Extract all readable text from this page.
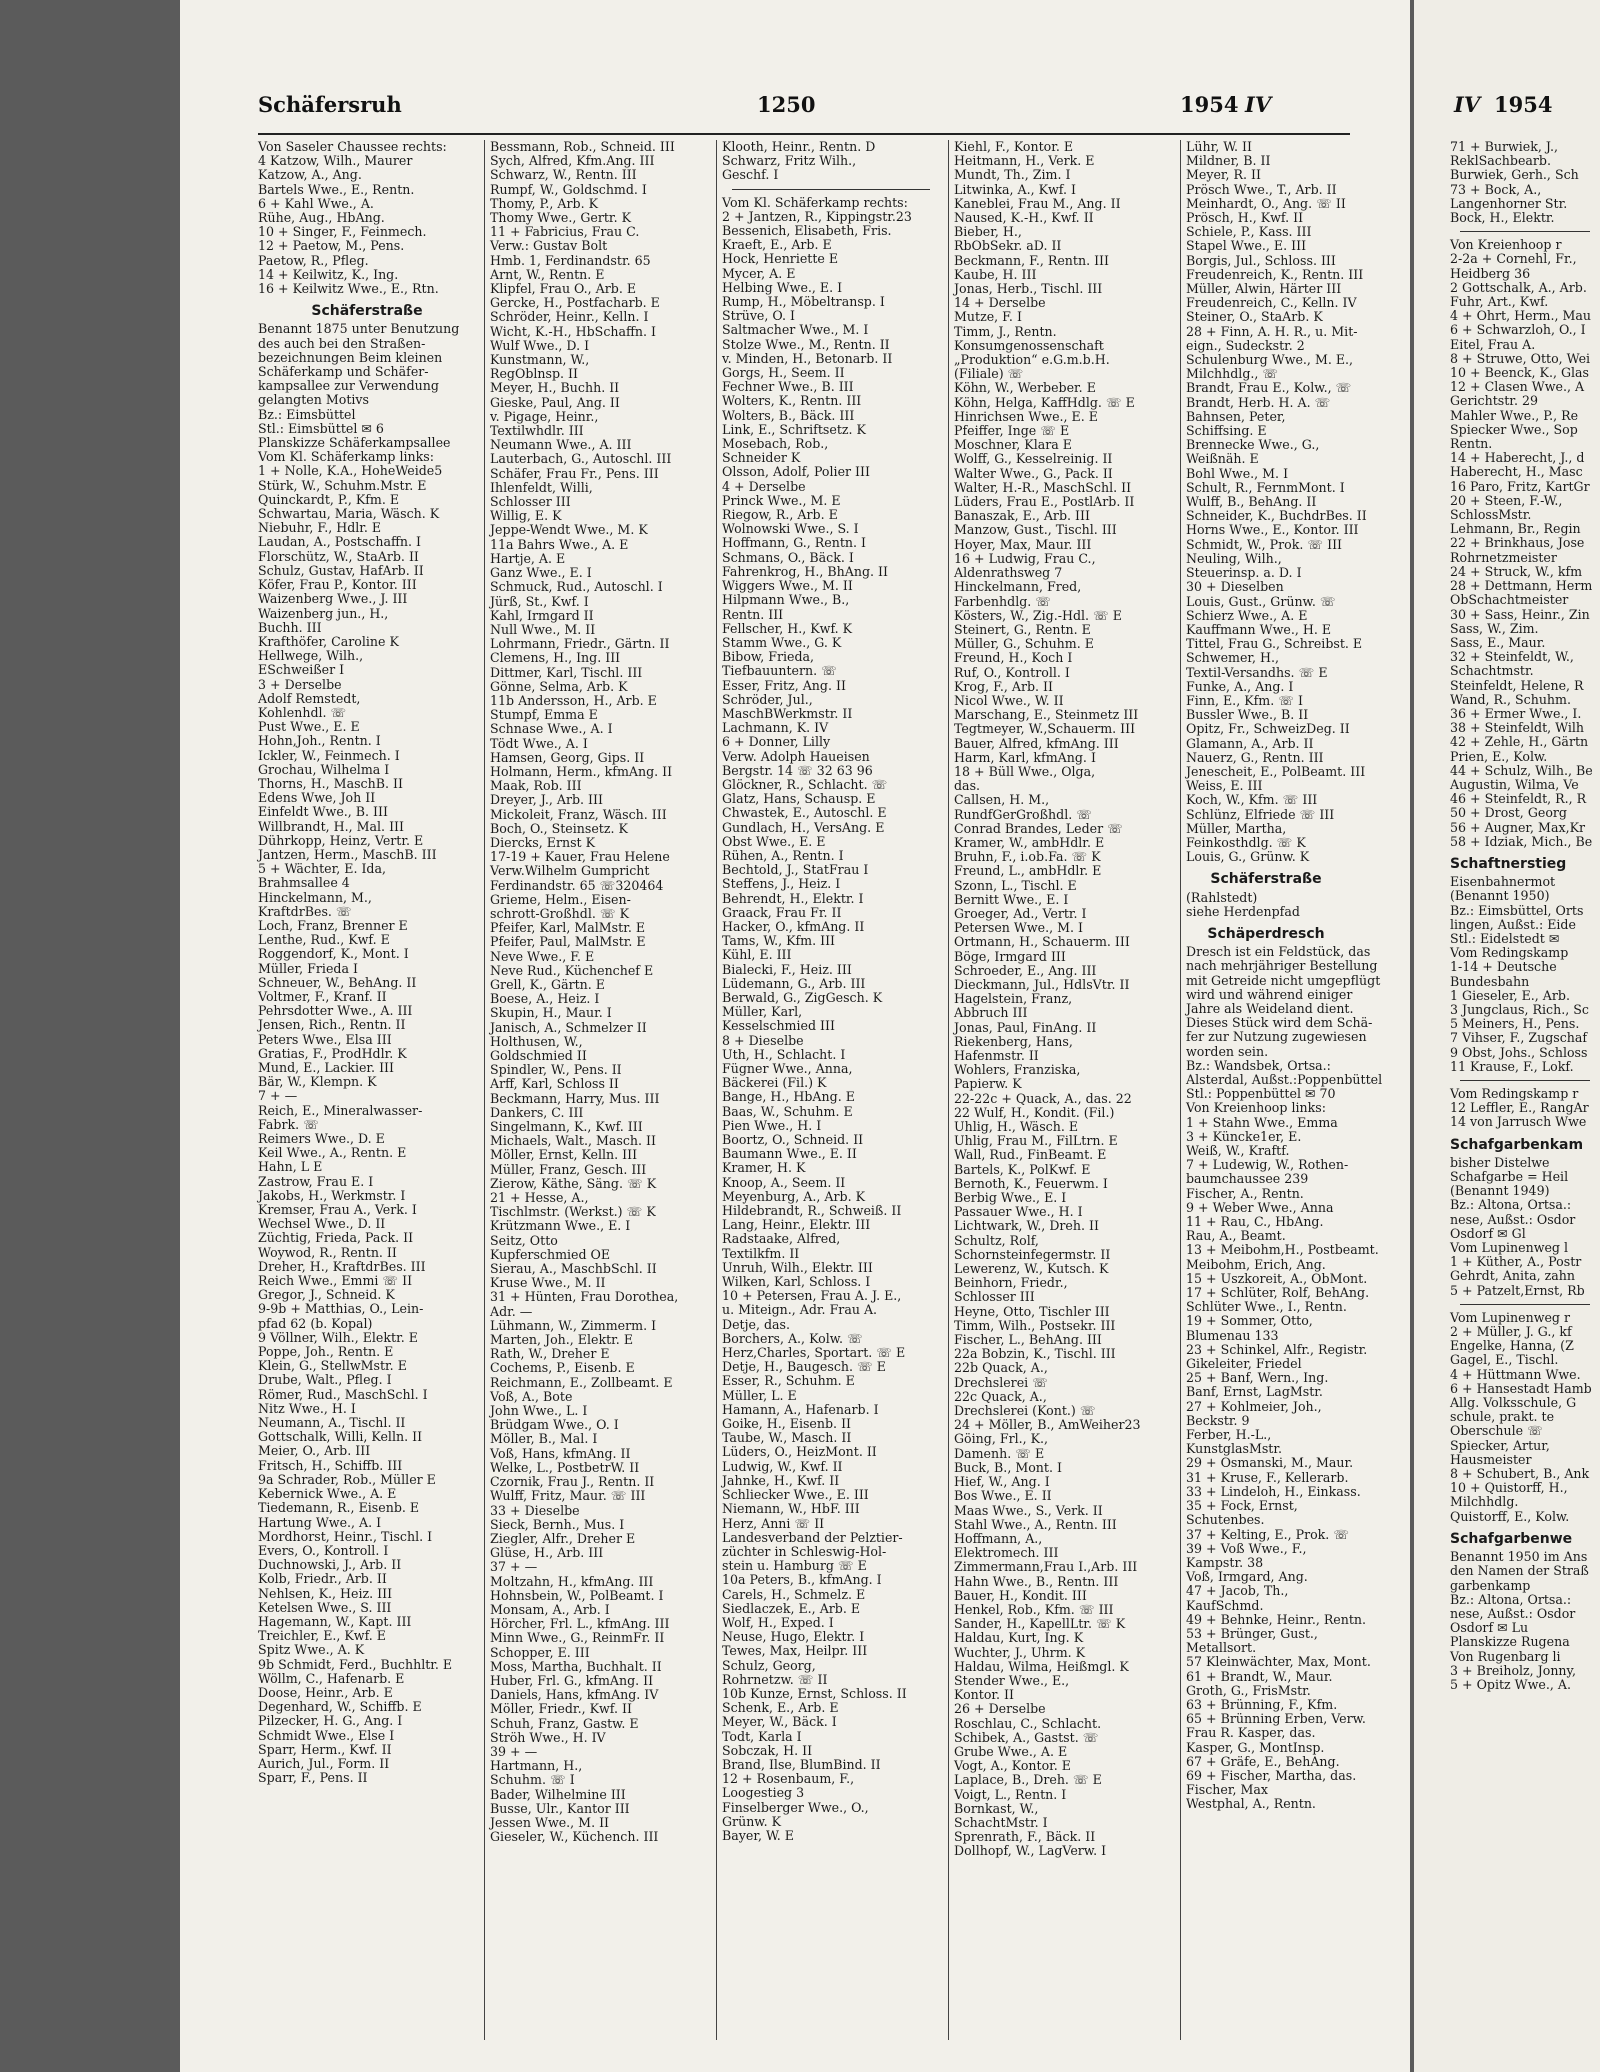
Schäfersruh	1250	1954 IV
Von Saseler Chaussee rechts:
4 Katzow, Wilh., Maurer
Katzow, A., Ang.
Bartels Wwe., E., Rentn.
6 + Kahl Wwe., A.
Rühe, Aug., HbAng.
10 + Singer, F., Feinmech.
12 + Paetow, M., Pens.
Paetow, R., Pfleg.
14 + Keilwitz, K., Ing.
16 + Keilwitz Wwe., E., Rtn.
Schäferstraße
Benannt 1875 unter Benutzung
des auch bei den Straßen-
bezeichnungen Beim kleinen
Schäferkamp und Schäfer-
kampsallee zur Verwendung
gelangten Motivs
Bz.: Eimsbüttel
Stl.: Eimsbüttel ✉ 6
Planskizze Schäferkampsallee
Vom Kl. Schäferkamp links:
1 + Nolle, K.A., HoheWeide5
Stürk, W., Schuhm.Mstr. E
Quinckardt, P., Kfm. E
Schwartau, Maria, Wäsch. K
Niebuhr, F., Hdlr. E
Laudan, A., Postschaffn. I
Florschütz, W., StaArb. II
Schulz, Gustav, HafArb. II
Köfer, Frau P., Kontor. III
Waizenberg Wwe., J. III
Waizenberg jun., H.,
Buchh. III
Krafthöfer, Caroline K
Hellwege, Wilh.,
ESchweißer I
3 + Derselbe
Adolf Remstedt,
Kohlenhdl. ☏
Pust Wwe., E. E
Hohn,Joh., Rentn. I
Ickler, W., Feinmech. I
Grochau, Wilhelma I
Thorns, H., MaschB. II
Edens Wwe, Joh II
Einfeldt Wwe., B. III
Willbrandt, H., Mal. III
Dührkopp, Heinz, Vertr. E
Jantzen, Herm., MaschB. III
5 + Wächter, E. Ida,
Brahmsallee 4
Hinckelmann, M.,
KraftdrBes. ☏
Loch, Franz, Brenner E
Lenthe, Rud., Kwf. E
Roggendorf, K., Mont. I
Müller, Frieda I
Schneuer, W., BehAng. II
Voltmer, F., Kranf. II
Pehrsdotter Wwe., A. III
Jensen, Rich., Rentn. II
Peters Wwe., Elsa III
Gratias, F., ProdHdlr. K
Mund, E., Lackier. III
Bär, W., Klempn. K
7 + —
Reich, E., Mineralwasser-
Fabrk. ☏
Reimers Wwe., D. E
Keil Wwe., A., Rentn. E
Hahn, L E
Zastrow, Frau E. I
Jakobs, H., Werkmstr. I
Kremser, Frau A., Verk. I
Wechsel Wwe., D. II
Züchtig, Frieda, Pack. II
Woywod, R., Rentn. II
Dreher, H., KraftdrBes. III
Reich Wwe., Emmi ☏ II
Gregor, J., Schneid. K
9-9b + Matthias, O., Lein-
pfad 62 (b. Kopal)
9 Völlner, Wilh., Elektr. E
Poppe, Joh., Rentn. E
Klein, G., StellwMstr. E
Drube, Walt., Pfleg. I
Römer, Rud., MaschSchl. I
Nitz Wwe., H. I
Neumann, A., Tischl. II
Gottschalk, Willi, Kelln. II
Meier, O., Arb. III
Fritsch, H., Schiffb. III
9a Schrader, Rob., Müller E
Kebernick Wwe., A. E
Tiedemann, R., Eisenb. E
Hartung Wwe., A. I
Mordhorst, Heinr., Tischl. I
Evers, O., Kontroll. I
Duchnowski, J., Arb. II
Kolb, Friedr., Arb. II
Nehlsen, K., Heiz. III
Ketelsen Wwe., S. III
Hagemann, W., Kapt. III
Treichler, E., Kwf. E
Spitz Wwe., A. K
9b Schmidt, Ferd., Buchhltr. E
Wöllm, C., Hafenarb. E
Doose, Heinr., Arb. E
Degenhard, W., Schiffb. E
Pilzecker, H. G., Ang. I
Schmidt Wwe., Else I
Sparr, Herm., Kwf. II
Aurich, Jul., Form. II
Sparr, F., Pens. II
Bessmann, Rob., Schneid. III
Sych, Alfred, Kfm.Ang. III
Schwarz, W., Rentn. III
Rumpf, W., Goldschmd. I
Thomy, P., Arb. K
Thomy Wwe., Gertr. K
11 + Fabricius, Frau C.
Verw.: Gustav Bolt
Hmb. 1, Ferdinandstr. 65
Arnt, W., Rentn. E
Klipfel, Frau O., Arb. E
Gercke, H., Postfacharb. E
Schröder, Heinr., Kelln. I
Wicht, K.-H., HbSchaffn. I
Wulf Wwe., D. I
Kunstmann, W.,
RegOblnsp. II
Meyer, H., Buchh. II
Gieske, Paul, Ang. II
v. Pigage, Heinr.,
Textilwhdlr. III
Neumann Wwe., A. III
Lauterbach, G., Autoschl. III
Schäfer, Frau Fr., Pens. III
Ihlenfeldt, Willi,
Schlosser III
Willig, E. K
Jeppe-Wendt Wwe., M. K
11a Bahrs Wwe., A. E
Hartje, A. E
Ganz Wwe., E. I
Schmuck, Rud., Autoschl. I
Jürß, St., Kwf. I
Kahl, Irmgard II
Null Wwe., M. II
Lohrmann, Friedr., Gärtn. II
Clemens, H., Ing. III
Dittmer, Karl, Tischl. III
Gönne, Selma, Arb. K
11b Andersson, H., Arb. E
Stumpf, Emma E
Schnase Wwe., A. I
Tödt Wwe., A. I
Hamsen, Georg, Gips. II
Holmann, Herm., kfmAng. II
Maak, Rob. III
Dreyer, J., Arb. III
Mickoleit, Franz, Wäsch. III
Boch, O., Steinsetz. K
Diercks, Ernst K
17-19 + Kauer, Frau Helene
Verw.Wilhelm Gumpricht
Ferdinandstr. 65 ☏320464
Grieme, Helm., Eisen-
schrott-Großhdl. ☏ K
Pfeifer, Karl, MalMstr. E
Pfeifer, Paul, MalMstr. E
Neve Wwe., F. E
Neve Rud., Küchenchef E
Grell, K., Gärtn. E
Boese, A., Heiz. I
Skupin, H., Maur. I
Janisch, A., Schmelzer II
Holthusen, W.,
Goldschmied II
Spindler, W., Pens. II
Arff, Karl, Schloss II
Beckmann, Harry, Mus. III
Dankers, C. III
Singelmann, K., Kwf. III
Michaels, Walt., Masch. II
Möller, Ernst, Kelln. III
Müller, Franz, Gesch. III
Zierow, Käthe, Säng. ☏ K
21 + Hesse, A.,
Tischlmstr. (Werkst.) ☏ K
Krützmann Wwe., E. I
Seitz, Otto
Kupferschmied OE
Sierau, A., MaschbSchl. II
Kruse Wwe., M. II
31 + Hünten, Frau Dorothea,
Adr. —
Lühmann, W., Zimmerm. I
Marten, Joh., Elektr. E
Rath, W., Dreher E
Cochems, P., Eisenb. E
Reichmann, E., Zollbeamt. E
Voß, A., Bote
John Wwe., L. I
Brüdgam Wwe., O. I
Möller, B., Mal. I
Voß, Hans, kfmAng. II
Welke, L., PostbetrW. II
Czornik, Frau J., Rentn. II
Wulff, Fritz, Maur. ☏ III
33 + Dieselbe
Sieck, Bernh., Mus. I
Ziegler, Alfr., Dreher E
Glüse, H., Arb. III
37 + —
Moltzahn, H., kfmAng. III
Hohnsbein, W., PolBeamt. I
Monsam, A., Arb. I
Hörcher, Frl. L., kfmAng. III
Minn Wwe., G., ReinmFr. II
Schopper, E. III
Moss, Martha, Buchhalt. II
Huber, Frl. G., kfmAng. II
Daniels, Hans, kfmAng. IV
Möller, Friedr., Kwf. II
Schuh, Franz, Gastw. E
Ströh Wwe., H. IV
39 + —
Hartmann, H.,
Schuhm. ☏ I
Bader, Wilhelmine III
Busse, Ulr., Kantor III
Jessen Wwe., M. II
Gieseler, W., Küchench. III
Klooth, Heinr., Rentn. D
Schwarz, Fritz Wilh.,
Geschf. I
Vom Kl. Schäferkamp rechts:
2 + Jantzen, R., Kippingstr.23
Bessenich, Elisabeth, Fris.
Kraeft, E., Arb. E
Hock, Henriette E
Mycer, A. E
Helbing Wwe., E. I
Rump, H., Möbeltransp. I
Strüve, O. I
Saltmacher Wwe., M. I
Stolze Wwe., M., Rentn. II
v. Minden, H., Betonarb. II
Gorgs, H., Seem. II
Fechner Wwe., B. III
Wolters, K., Rentn. III
Wolters, B., Bäck. III
Link, E., Schriftsetz. K
Mosebach, Rob.,
Schneider K
Olsson, Adolf, Polier III
4 + Derselbe
Princk Wwe., M. E
Riegow, R., Arb. E
Wolnowski Wwe., S. I
Hoffmann, G., Rentn. I
Schmans, O., Bäck. I
Fahrenkrog, H., BhAng. II
Wiggers Wwe., M. II
Hilpmann Wwe., B.,
Rentn. III
Fellscher, H., Kwf. K
Stamm Wwe., G. K
Bibow, Frieda,
Tiefbauuntern. ☏
Esser, Fritz, Ang. II
Schröder, Jul.,
MaschBWerkmstr. II
Lachmann, K. IV
6 + Donner, Lilly
Verw. Adolph Haueisen
Bergstr. 14 ☏ 32 63 96
Glöckner, R., Schlacht. ☏
Glatz, Hans, Schausp. E
Chwastek, E., Autoschl. E
Gundlach, H., VersAng. E
Obst Wwe., E. E
Rühen, A., Rentn. I
Bechtold, J., StatFrau I
Steffens, J., Heiz. I
Behrendt, H., Elektr. I
Graack, Frau Fr. II
Hacker, O., kfmAng. II
Tams, W., Kfm. III
Kühl, E. III
Bialecki, F., Heiz. III
Lüdemann, G., Arb. III
Berwald, G., ZigGesch. K
Müller, Karl,
Kesselschmied III
8 + Dieselbe
Uth, H., Schlacht. I
Fügner Wwe., Anna,
Bäckerei (Fil.) K
Bange, H., HbAng. E
Baas, W., Schuhm. E
Pien Wwe., H. I
Boortz, O., Schneid. II
Baumann Wwe., E. II
Kramer, H. K
Knoop, A., Seem. II
Meyenburg, A., Arb. K
Hildebrandt, R., Schweiß. II
Lang, Heinr., Elektr. III
Radstaake, Alfred,
Textilkfm. II
Unruh, Wilh., Elektr. III
Wilken, Karl, Schloss. I
10 + Petersen, Frau A. J. E.,
u. Miteign., Adr. Frau A.
Detje, das.
Borchers, A., Kolw. ☏
Herz,Charles, Sportart. ☏ E
Detje, H., Baugesch. ☏ E
Esser, R., Schuhm. E
Müller, L. E
Hamann, A., Hafenarb. I
Goike, H., Eisenb. II
Taube, W., Masch. II
Lüders, O., HeizMont. II
Ludwig, W., Kwf. II
Jahnke, H., Kwf. II
Schliecker Wwe., E. III
Niemann, W., HbF. III
Herz, Anni ☏ II
Landesverband der Pelztier-
züchter in Schleswig-Hol-
stein u. Hamburg ☏ E
10a Peters, B., kfmAng. I
Carels, H., Schmelz. E
Siedlaczek, E., Arb. E
Wolf, H., Exped. I
Neuse, Hugo, Elektr. I
Tewes, Max, Heilpr. III
Schulz, Georg,
Rohrnetzw. ☏ II
10b Kunze, Ernst, Schloss. II
Schenk, E., Arb. E
Meyer, W., Bäck. I
Todt, Karla I
Sobczak, H. II
Brand, Ilse, BlumBind. II
12 + Rosenbaum, F.,
Loogestieg 3
Finselberger Wwe., O.,
Grünw. K
Bayer, W. E
Kiehl, F., Kontor. E
Heitmann, H., Verk. E
Mundt, Th., Zim. I
Litwinka, A., Kwf. I
Kaneblei, Frau M., Ang. II
Naused, K.-H., Kwf. II
Bieber, H.,
RbObSekr. aD. II
Beckmann, F., Rentn. III
Kaube, H. III
Jonas, Herb., Tischl. III
14 + Derselbe
Mutze, F. I
Timm, J., Rentn.
Konsumgenossenschaft
„Produktion“ e.G.m.b.H.
(Filiale) ☏
Köhn, W., Werbeber. E
Köhn, Helga, KaffHdlg. ☏ E
Hinrichsen Wwe., E. E
Pfeiffer, Inge ☏ E
Moschner, Klara E
Wolff, G., Kesselreinig. II
Walter Wwe., G., Pack. II
Walter, H.-R., MaschSchl. II
Lüders, Frau E., PostlArb. II
Banaszak, E., Arb. III
Manzow, Gust., Tischl. III
Hoyer, Max, Maur. III
16 + Ludwig, Frau C.,
Aldenrathsweg 7
Hinckelmann, Fred,
Farbenhdlg. ☏
Kösters, W., Zig.-Hdl. ☏ E
Steinert, G., Rentn. E
Müller, G., Schuhm. E
Freund, H., Koch I
Ruf, O., Kontroll. I
Krog, F., Arb. II
Nicol Wwe., W. II
Marschang, E., Steinmetz III
Tegtmeyer, W.,Schauerm. III
Bauer, Alfred, kfmAng. III
Harm, Karl, kfmAng. I
18 + Büll Wwe., Olga,
das.
Callsen, H. M.,
RundfGerGroßhdl. ☏
Conrad Brandes, Leder ☏
Kramer, W., ambHdlr. E
Bruhn, F., i.ob.Fa. ☏ K
Freund, L., ambHdlr. E
Szonn, L., Tischl. E
Bernitt Wwe., E. I
Groeger, Ad., Vertr. I
Petersen Wwe., M. I
Ortmann, H., Schauerm. III
Böge, Irmgard III
Schroeder, E., Ang. III
Dieckmann, Jul., HdlsVtr. II
Hagelstein, Franz,
Abbruch III
Jonas, Paul, FinAng. II
Riekenberg, Hans,
Hafenmstr. II
Wohlers, Franziska,
Papierw. K
22-22c + Quack, A., das. 22
22 Wulf, H., Kondit. (Fil.)
Uhlig, H., Wäsch. E
Uhlig, Frau M., FilLtrn. E
Wall, Rud., FinBeamt. E
Bartels, K., PolKwf. E
Bernoth, K., Feuerwm. I
Berbig Wwe., E. I
Passauer Wwe., H. I
Lichtwark, W., Dreh. II
Schultz, Rolf,
Schornsteinfegermstr. II
Lewerenz, W., Kutsch. K
Beinhorn, Friedr.,
Schlosser III
Heyne, Otto, Tischler III
Timm, Wilh., Postsekr. III
Fischer, L., BehAng. III
22a Bobzin, K., Tischl. III
22b Quack, A.,
Drechslerei ☏
22c Quack, A.,
Drechslerei (Kont.) ☏
24 + Möller, B., AmWeiher23
Göing, Frl., K.,
Damenh. ☏ E
Buck, B., Mont. I
Hief, W., Ang. I
Bos Wwe., E. II
Maas Wwe., S., Verk. II
Stahl Wwe., A., Rentn. III
Hoffmann, A.,
Elektromech. III
Zimmermann,Frau I.,Arb. III
Hahn Wwe., B., Rentn. III
Bauer, H., Kondit. III
Henkel, Rob., Kfm. ☏ III
Sander, H., KapellLtr. ☏ K
Haldau, Kurt, Ing. K
Wuchter, J., Uhrm. K
Haldau, Wilma, Heißmgl. K
Stender Wwe., E.,
Kontor. II
26 + Derselbe
Roschlau, C., Schlacht.
Schibek, A., Gastst. ☏
Grube Wwe., A. E
Vogt, A., Kontor. E
Laplace, B., Dreh. ☏ E
Voigt, L., Rentn. I
Bornkast, W.,
SchachtMstr. I
Sprenrath, F., Bäck. II
Dollhopf, W., LagVerw. I
Lühr, W. II
Mildner, B. II
Meyer, R. II
Prösch Wwe., T., Arb. II
Meinhardt, O., Ang. ☏ II
Prösch, H., Kwf. II
Schiele, P., Kass. III
Stapel Wwe., E. III
Borgis, Jul., Schloss. III
Freudenreich, K., Rentn. III
Müller, Alwin, Härter III
Freudenreich, C., Kelln. IV
Steiner, O., StaArb. K
28 + Finn, A. H. R., u. Mit-
eign., Sudeckstr. 2
Schulenburg Wwe., M. E.,
Milchhdlg., ☏
Brandt, Frau E., Kolw., ☏
Brandt, Herb. H. A. ☏
Bahnsen, Peter,
Schiffsing. E
Brennecke Wwe., G.,
Weißnäh. E
Bohl Wwe., M. I
Schult, R., FernmMont. I
Wulff, B., BehAng. II
Schneider, K., BuchdrBes. II
Horns Wwe., E., Kontor. III
Schmidt, W., Prok. ☏ III
Neuling, Wilh.,
Steuerinsp. a. D. I
30 + Dieselben
Louis, Gust., Grünw. ☏
Schierz Wwe., A. E
Kauffmann Wwe., H. E
Tittel, Frau G., Schreibst. E
Schwemer, H.,
Textil-Versandhs. ☏ E
Funke, A., Ang. I
Finn, E., Kfm. ☏ I
Bussler Wwe., B. II
Opitz, Fr., SchweizDeg. II
Glamann, A., Arb. II
Nauerz, G., Rentn. III
Jenescheit, E., PolBeamt. III
Weiss, E. III
Koch, W., Kfm. ☏ III
Schlünz, Elfriede ☏ III
Müller, Martha,
Feinkosthdlg. ☏ K
Louis, G., Grünw. K
Schäferstraße
(Rahlstedt)
siehe Herdenpfad
Schäperdresch
Dresch ist ein Feldstück, das
nach mehrjähriger Bestellung
mit Getreide nicht umgepflügt
wird und während einiger
Jahre als Weideland dient.
Dieses Stück wird dem Schä-
fer zur Nutzung zugewiesen
worden sein.
Bz.: Wandsbek, Ortsa.:
Alsterdal, Außst.:Poppenbüttel
Stl.: Poppenbüttel ✉ 70
Von Kreienhoop links:
1 + Stahn Wwe., Emma
3 + Küncke1er, E.
Weiß, W., Kraftf.
7 + Ludewig, W., Rothen-
baumchaussee 239
Fischer, A., Rentn.
9 + Weber Wwe., Anna
11 + Rau, C., HbAng.
Rau, A., Beamt.
13 + Meibohm,H., Postbeamt.
Meibohm, Erich, Ang.
15 + Uszkoreit, A., ObMont.
17 + Schlüter, Rolf, BehAng.
Schlüter Wwe., I., Rentn.
19 + Sommer, Otto,
Blumenau 133
23 + Schinkel, Alfr., Registr.
Gikeleiter, Friedel
25 + Banf, Wern., Ing.
Banf, Ernst, LagMstr.
27 + Kohlmeier, Joh.,
Beckstr. 9
Ferber, H.-L.,
KunstglasMstr.
29 + Osmanski, M., Maur.
31 + Kruse, F., Kellerarb.
33 + Lindeloh, H., Einkass.
35 + Fock, Ernst,
Schutenbes.
37 + Kelting, E., Prok. ☏
39 + Voß Wwe., F.,
Kampstr. 38
Voß, Irmgard, Ang.
47 + Jacob, Th.,
KaufSchmd.
49 + Behnke, Heinr., Rentn.
53 + Brünger, Gust.,
Metallsort.
57 Kleinwächter, Max, Mont.
61 + Brandt, W., Maur.
Groth, G., FrisMstr.
63 + Brünning, F., Kfm.
65 + Brünning Erben, Verw.
Frau R. Kasper, das.
Kasper, G., MontInsp.
67 + Gräfe, E., BehAng.
69 + Fischer, Martha, das.
Fischer, Max
Westphal, A., Rentn.
IV 1954
71 + Burwiek, J.,
ReklSachbearb.
Burwiek, Gerh., Sch
73 + Bock, A.,
Langenhorner Str.
Bock, H., Elektr.
Von Kreienhoop r
2-2a + Cornehl, Fr.,
Heidberg 36
2 Gottschalk, A., Arb.
Fuhr, Art., Kwf.
4 + Ohrt, Herm., Mau
6 + Schwarzloh, O., I
Eitel, Frau A.
8 + Struwe, Otto, Wei
10 + Beenck, K., Glas
12 + Clasen Wwe., A
Gerichtstr. 29
Mahler Wwe., P., Re
Spiecker Wwe., Sop
Rentn.
14 + Haberecht, J., d
Haberecht, H., Masc
16 Paro, Fritz, KartGr
20 + Steen, F.-W.,
SchlossMstr.
Lehmann, Br., Regin
22 + Brinkhaus, Jose
Rohrnetzmeister
24 + Struck, W., kfm
28 + Dettmann, Herm
ObSchachtmeister
30 + Sass, Heinr., Zin
Sass, W., Zim.
Sass, E., Maur.
32 + Steinfeldt, W.,
Schachtmstr.
Steinfeldt, Helene, R
Wand, R., Schuhm.
36 + Ermer Wwe., I.
38 + Steinfeldt, Wilh
42 + Zehle, H., Gärtn
Prien, E., Kolw.
44 + Schulz, Wilh., Be
Augustin, Wilma, Ve
46 + Steinfeldt, R., R
50 + Drost, Georg
56 + Augner, Max,Kr
58 + Idziak, Mich., Be
Schaftnerstieg
Eisenbahnermot
(Benannt 1950)
Bz.: Eimsbüttel, Orts
lingen, Außst.: Eide
Stl.: Eidelstedt ✉
Vom Redingskamp
1-14 + Deutsche
Bundesbahn
1 Gieseler, E., Arb.
3 Jungclaus, Rich., Sc
5 Meiners, H., Pens.
7 Vihser, F., Zugschaf
9 Obst, Johs., Schloss
11 Krause, F., Lokf.
Vom Redingskamp r
12 Leffler, E., RangAr
14 von Jarrusch Wwe
Schafgarbenkam
bisher Distelwe
Schafgarbe = Heil
(Benannt 1949)
Bz.: Altona, Ortsa.:
nese, Außst.: Osdor
Osdorf ✉ Gl
Vom Lupinenweg l
1 + Küther, A., Postr
Gehrdt, Anita, zahn
5 + Patzelt,Ernst, Rb
Vom Lupinenweg r
2 + Müller, J. G., kf
Engelke, Hanna, (Z
Gagel, E., Tischl.
4 + Hüttmann Wwe.
6 + Hansestadt Hamb
Allg. Volksschule, G
schule, prakt. te
Oberschule ☏
Spiecker, Artur,
Hausmeister
8 + Schubert, B., Ank
10 + Quistorff, H.,
Milchhdlg.
Quistorff, E., Kolw.
Schafgarbenwe
Benannt 1950 im Ans
den Namen der Straß
garbenkamp
Bz.: Altona, Ortsa.:
nese, Außst.: Osdor
Osdorf ✉ Lu
Planskizze Rugena
Von Rugenbarg li
3 + Breiholz, Jonny,
5 + Opitz Wwe., A.
